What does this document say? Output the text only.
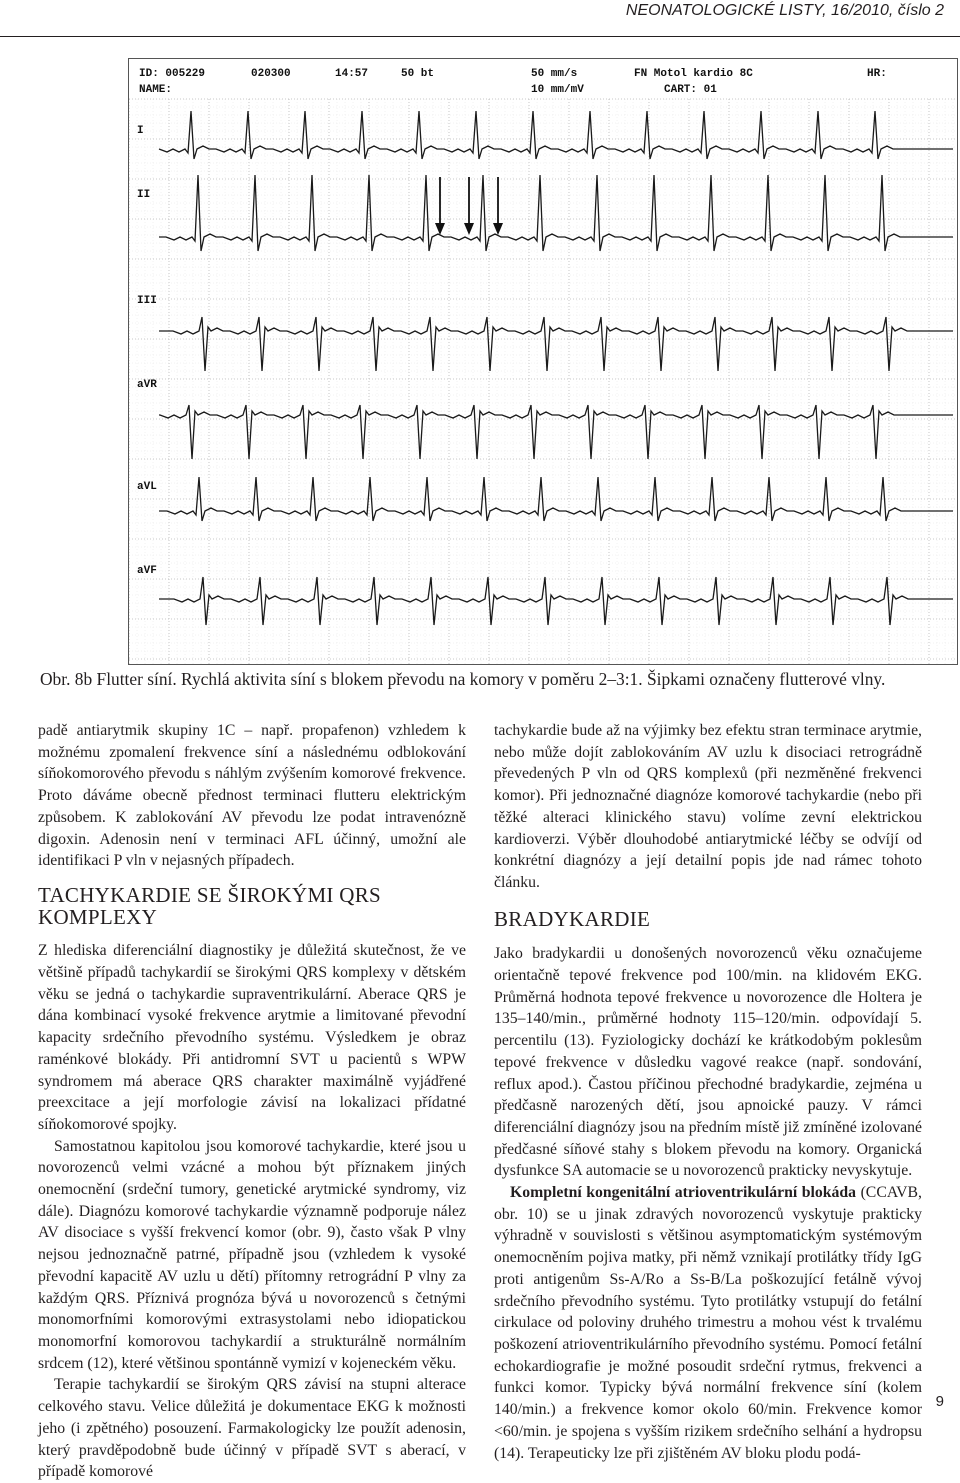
NEONATOLOGICKÉ LISTY, 16/2010, číslo 2
ID: 005229	020300	14:57	50 bt	50 mm/s
10 mm/mV
FN Motol kardio 8C
CART: 01
HR:
NAME:
I
II
III
aVR
aVL
aVF
Obr. 8b Flutter síní. Rychlá aktivita síní s blokem převodu na komory v poměru 2–3:1. Šipkami označeny flutterové vlny.

padě antiarytmik skupiny 1C – např. propafenon) vzhledem k možnému zpomalení frekvence síní a následnému odblokování síňokomorového převodu s náhlým zvýšením komorové frekvence. Proto dáváme obecně přednost terminaci flutteru elektrickým způsobem. K zablokování AV převodu lze podat intravenózně digoxin. Adenosin není v terminaci AFL účinný, umožní ale identifikaci P vln v nejasných případech.

TACHYKARDIE SE ŠIROKÝMI QRS KOMPLEXY

Z hlediska diferenciální diagnostiky je důležitá skutečnost, že ve většině případů tachykardií se širokými QRS komplexy v dětském věku se jedná o tachykardie supraventrikulární. Aberace QRS je dána kombinací vysoké frekvence arytmie a limitované převodní kapacity srdečního převodního systému. Výsledkem je obraz raménkové blokády. Při antidromní SVT u pacientů s WPW syndromem má aberace QRS charakter maximálně vyjádřené preexcitace a její morfologie závisí na lokalizaci přídatné síňokomorové spojky.

Samostatnou kapitolou jsou komorové tachykardie, které jsou u novorozenců velmi vzácné a mohou být příznakem jiných onemocnění (srdeční tumory, genetické arytmické syndromy, viz dále). Diagnózu komorové tachykardie významně podporuje nález AV disociace s vyšší frekvencí komor (obr. 9), často však P vlny nejsou jednoznačně patrné, případně jsou (vzhledem k vysoké převodní kapacitě AV uzlu u dětí) přítomny retrográdní P vlny za každým QRS. Příznivá prognóza bývá u novorozenců s četnými monomorfními komorovými extrasystolami nebo idiopatickou monomorfní komorovou tachykardií a strukturálně normálním srdcem (12), které většinou spontánně vymizí v kojeneckém věku.

Terapie tachykardií se širokým QRS závisí na stupni alterace celkového stavu. Velice důležitá je dokumentace EKG k možnosti jeho (i zpětného) posouzení. Farmakologicky lze použít adenosin, který pravděpodobně bude účinný v případě SVT s aberací, v případě komorové

tachykardie bude až na výjimky bez efektu stran terminace arytmie, nebo může dojít zablokováním AV uzlu k disociaci retrográdně převedených P vln od QRS komplexů (při nezměněné frekvenci komor). Při jednoznačné diagnóze komorové tachykardie (nebo při těžké alteraci klinického stavu) volíme zevní elektrickou kardioverzi. Výběr dlouhodobé antiarytmické léčby se odvíjí od konkrétní diagnózy a její detailní popis jde nad rámec tohoto článku.

BRADYKARDIE

Jako bradykardii u donošených novorozenců věku označujeme orientačně tepové frekvence pod 100/min. na klidovém EKG. Průměrná hodnota tepové frekvence u novorozence dle Holtera je 135–140/min., průměrné hodnoty 115–120/min. odpovídají 5. percentilu (13). Fyziologicky dochází ke krátkodobým poklesům tepové frekvence v důsledku vagové reakce (např. sondování, reflux apod.). Častou příčinou přechodné bradykardie, zejména u předčasně narozených dětí, jsou apnoické pauzy. V rámci diferenciální diagnózy jsou na předním místě již zmíněné izolované předčasné síňové stahy s blokem převodu na komory. Organická dysfunkce SA automacie se u novorozenců prakticky nevyskytuje.

Kompletní kongenitální atrioventrikulární blokáda (CCAVB, obr. 10) se u jinak zdravých novorozenců vyskytuje prakticky výhradně v souvislosti s většinou asymptomatickým systémovým onemocněním pojiva matky, při němž vznikají protilátky třídy IgG proti antigenům Ss-A/Ro a Ss-B/La poškozující fetálně vývoj srdečního převodního systému. Tyto protilátky vstupují do fetální cirkulace od poloviny druhého trimestru a mohou vést k trvalému poškození atrioventrikulárního převodního systému. Pomocí fetální echokardiografie je možné posoudit srdeční rytmus, frekvenci a funkci komor. Typicky bývá normální frekvence síní (kolem 140/min.) a frekvence komor okolo 60/min. Frekvence komor <60/min. je spojena s vyšším rizikem srdečního selhání a hydropsu (14). Terapeuticky lze při zjištěném AV bloku plodu podá-

9
